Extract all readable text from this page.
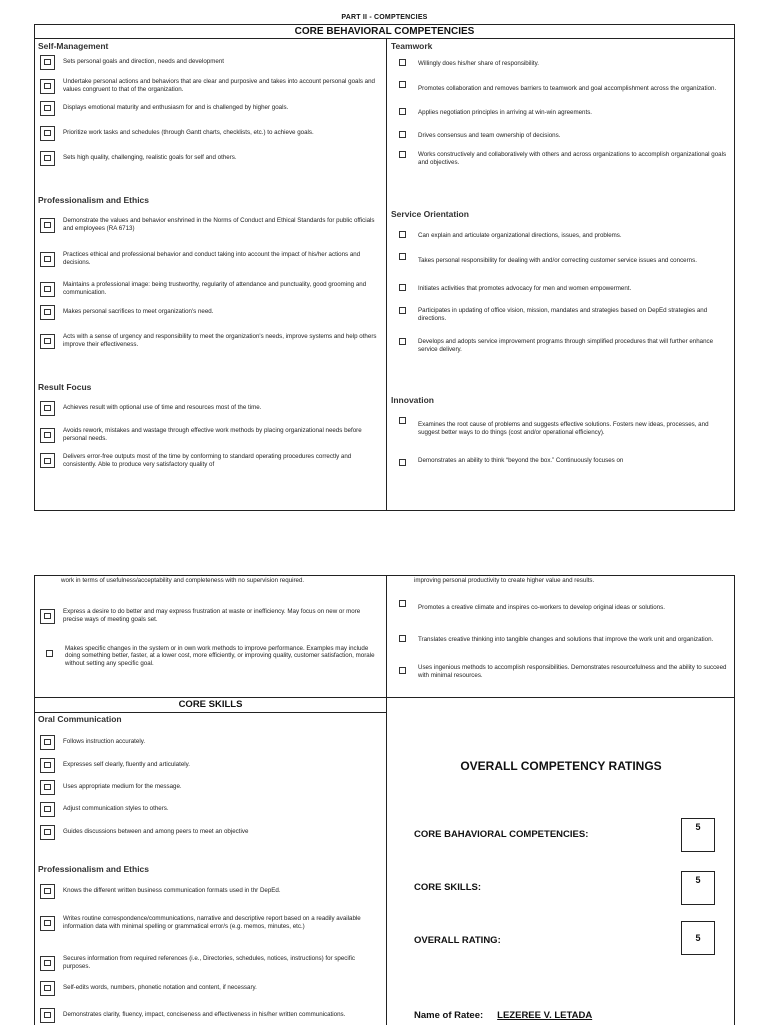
PART II - COMPTENCIES
CORE BEHAVIORAL COMPETENCIES
Self-Management
Sets personal goals and direction, needs and development
Undertake personal actions and behaviors that are clear and purposive and takes into account personal goals and values congruent to that of the organization.
Displays emotional maturity and enthusiasm for and is challenged by higher goals.
Prioritize work tasks and schedules (through Gantt charts, checklists, etc.) to achieve goals.
Sets high quality, challenging, realistic goals for self and others.
Professionalism and Ethics
Demonstrate the values and behavior enshrined in the Norms of Conduct and Ethical Standards for public officials and employees (RA 6713)
Practices ethical and professional behavior and conduct taking into account the impact of his/her actions and decisions.
Maintains a professional image: being trustworthy, regularity of attendance and punctuality, good grooming and communication.
Makes personal sacrifices to meet organization's need.
Acts with a sense of urgency and responsibility to meet the organization's needs, improve systems and help others improve their effectiveness.
Result Focus
Achieves result with optional use of time and resources most of the time.
Avoids rework, mistakes and wastage through effective work methods by placing organizational needs before personal needs.
Delivers error-free outputs most of the time by conforming to standard operating procedures correctly and consistently. Able to produce very satisfactory quality of
Teamwork
Willingly does his/her share of responsibility.
Promotes collaboration and removes barriers to teamwork and goal accomplishment across the organization.
Applies negotiation principles in arriving at win-win agreements.
Drives consensus and team ownership of decisions.
Works constructively and collaboratively with others and across organizations to accomplish organizational goals and objectives.
Service Orientation
Can explain and articulate organizational directions, issues, and problems.
Takes personal responsibility for dealing with and/or correcting customer service issues and concerns.
Initiates activities that promotes advocacy for men and women empowerment.
Participates in updating of office vision, mission, mandates and strategies based on DepEd strategies and directions.
Develops and adopts service improvement programs through simplified procedures that will further enhance service delivery.
Innovation
Examines the root cause of problems and suggests effective solutions. Fosters new ideas, processes, and suggest better ways to do things (cost and/or operational efficiency).
Demonstrates an ability to think “beyond the box.” Continuously focuses on
work in terms of usefulness/acceptability and completeness with no supervision required.
Express a desire to do better and may express frustration at waste or inefficiency. May focus on new or more precise ways of meeting goals set.
Makes specific changes in the system or in own work methods to improve performance. Examples may include doing something better, faster, at a lower cost, more efficiently, or improving quality, customer satisfaction, morale without setting any specific goal.
improving personal productivity to create higher value and results.
Promotes a creative climate and inspires co-workers to develop original ideas or solutions.
Translates creative thinking into tangible changes and solutions that improve the work unit and organization.
Uses ingenious methods to accomplish responsibilities. Demonstrates resourcefulness and the ability to succeed with minimal resources.
CORE SKILLS
Oral Communication
Follows instruction accurately.
Expresses self clearly, fluently and articulately.
Uses appropriate medium for the message.
Adjust communication styles to others.
Guides discussions between and among peers to meet an objective
Professionalism and Ethics
Knows the different written business communication formats used in thr DepEd.
Writes routine correspondence/communications, narrative and descriptive report based on a readily available information data with minimal spelling or grammatical error/s (e.g. memos, minutes, etc.)
Secures information from required references (i.e., Directories, schedules, notices, instructions) for specific purposes.
Self-edits words, numbers, phonetic notation and content, if necessary.
Demonstrates clarity, fluency, impact, conciseness and effectiveness in his/her written communications.
OVERALL COMPETENCY RATINGS
CORE BAHAVIORAL COMPETENCIES:
5
CORE SKILLS:
5
OVERALL RATING:	5
Name of Ratee: LEZEREE V. LETADA
